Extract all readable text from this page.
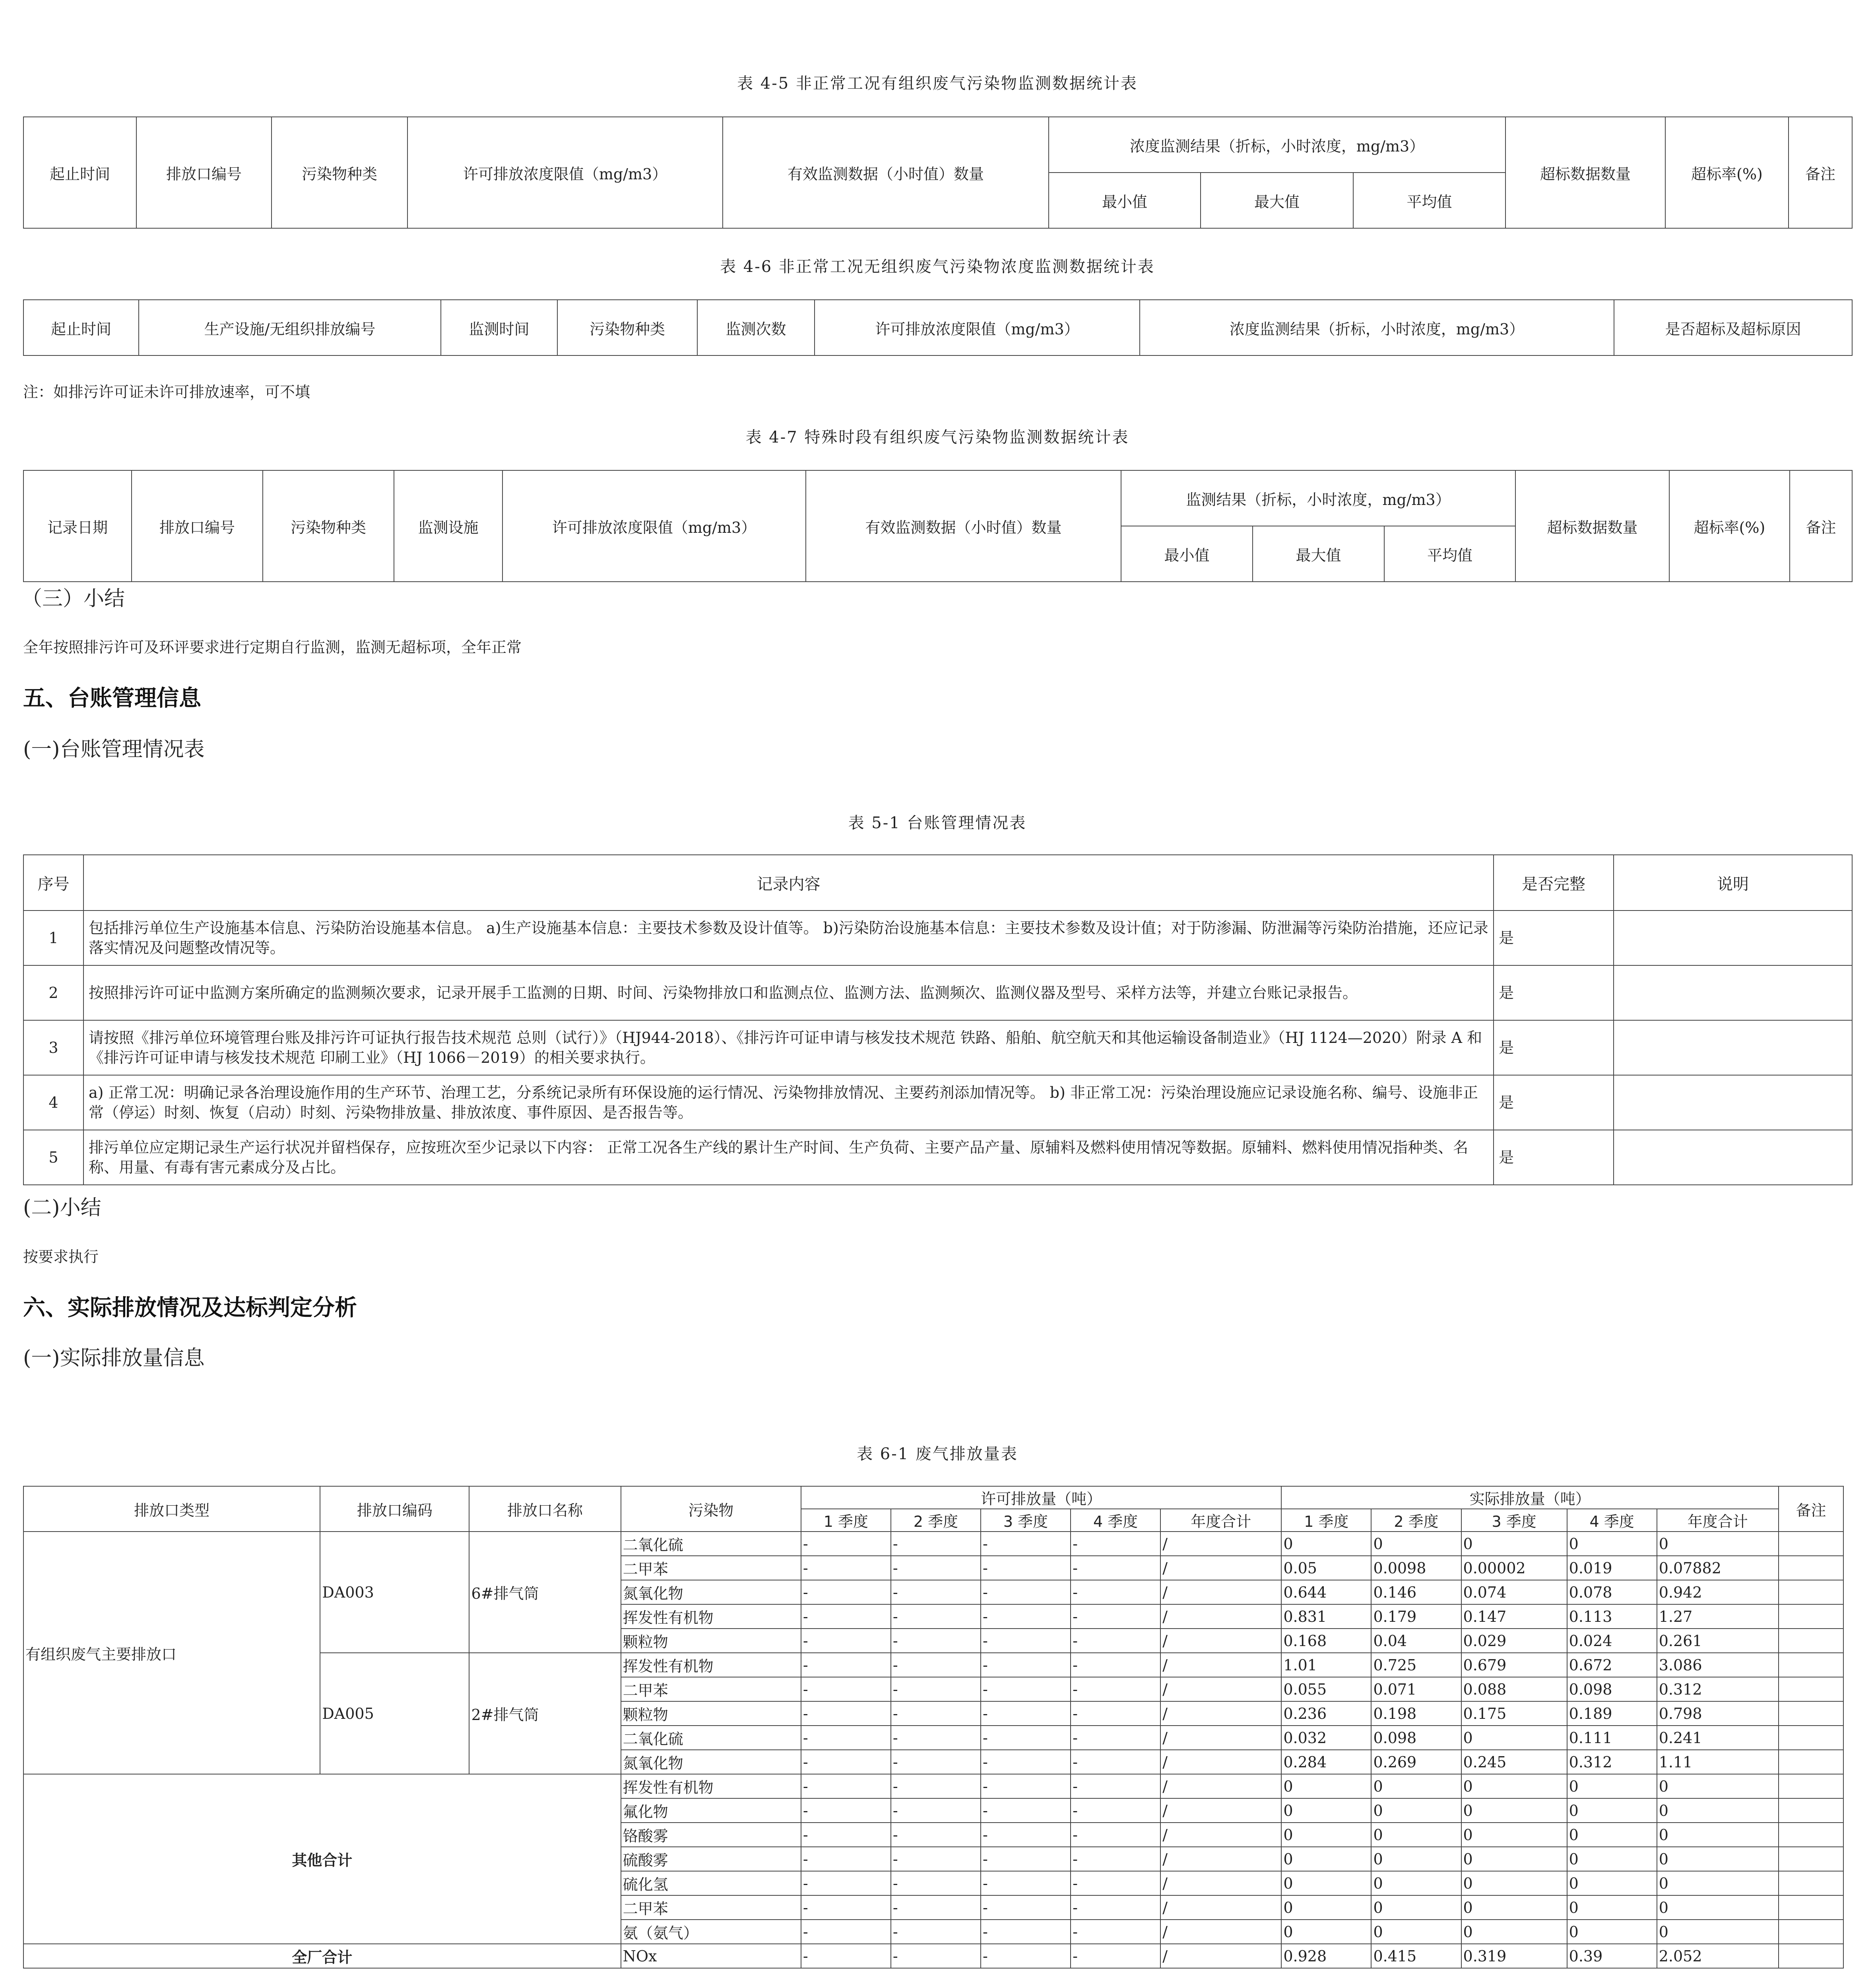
表 4-5 非正常工况有组织废气污染物监测数据统计表
起止时间	排放口编号	污染物种类	许可排放浓度限值（mg/m3）	有效监测数据（小时值）数量	浓度监测结果（折标，小时浓度，mg/m3）			超标数据数量	超标率(%)	备注
					最小值	最大值	平均值			
表 4-6 非正常工况无组织废气污染物浓度监测数据统计表
起止时间	生产设施/无组织排放编号	监测时间	污染物种类	监测次数	许可排放浓度限值（mg/m3）	浓度监测结果（折标，小时浓度，mg/m3）	是否超标及超标原因
注：如排污许可证未许可排放速率，可不填
表 4-7 特殊时段有组织废气污染物监测数据统计表
记录日期	排放口编号	污染物种类	监测设施	许可排放浓度限值（mg/m3）	有效监测数据（小时值）数量	监测结果（折标，小时浓度，mg/m3）			超标数据数量	超标率(%)	备注
						最小值	最大值	平均值			
（三）小结
全年按照排污许可及环评要求进行定期自行监测，监测无超标项，全年正常
五、台账管理信息
(一)台账管理情况表
表 5-1 台账管理情况表
序号	记录内容	是否完整	说明
1	包括排污单位生产设施基本信息、污染防治设施基本信息。 a)生产设施基本信息：主要技术参数及设计值等。 b)污染防治设施基本信息：主要技术参数及设计值；对于防渗漏、防泄漏等污染防治措施，还应记录落实情况及问题整改情况等。	是	
2	按照排污许可证中监测方案所确定的监测频次要求，记录开展手工监测的日期、时间、污染物排放口和监测点位、监测方法、监测频次、监测仪器及型号、采样方法等，并建立台账记录报告。	是	
3	请按照《排污单位环境管理台账及排污许可证执行报告技术规范 总则（试行）》（HJ944-2018）、《排污许可证申请与核发技术规范 铁路、船舶、航空航天和其他运输设备制造业》（HJ 1124—2020）附录 A 和《排污许可证申请与核发技术规范 印刷工业》（HJ 1066－2019）的相关要求执行。	是	
4	a) 正常工况：明确记录各治理设施作用的生产环节、治理工艺，分系统记录所有环保设施的运行情况、污染物排放情况、主要药剂添加情况等。 b) 非正常工况：污染治理设施应记录设施名称、编号、设施非正常（停运）时刻、恢复（启动）时刻、污染物排放量、排放浓度、事件原因、是否报告等。	是	
5	排污单位应定期记录生产运行状况并留档保存，应按班次至少记录以下内容： 正常工况各生产线的累计生产时间、生产负荷、主要产品产量、原辅料及燃料使用情况等数据。原辅料、燃料使用情况指种类、名称、用量、有毒有害元素成分及占比。	是	
(二)小结
按要求执行
六、实际排放情况及达标判定分析
(一)实际排放量信息
表 6-1 废气排放量表
排放口类型	排放口编码	排放口名称	污染物	许可排放量（吨）					实际排放量（吨）					备注
				1 季度	2 季度	3 季度	4 季度	年度合计	1 季度	2 季度	3 季度	4 季度	年度合计	
有组织废气主要排放口	DA003	6#排气筒	二氧化硫	-	-	-	-	/	0	0	0	0	0	
			二甲苯	-	-	-	-	/	0.05	0.0098	0.00002	0.019	0.07882	
			氮氧化物	-	-	-	-	/	0.644	0.146	0.074	0.078	0.942	
			挥发性有机物	-	-	-	-	/	0.831	0.179	0.147	0.113	1.27	
			颗粒物	-	-	-	-	/	0.168	0.04	0.029	0.024	0.261	
	DA005	2#排气筒	挥发性有机物	-	-	-	-	/	1.01	0.725	0.679	0.672	3.086	
			二甲苯	-	-	-	-	/	0.055	0.071	0.088	0.098	0.312	
			颗粒物	-	-	-	-	/	0.236	0.198	0.175	0.189	0.798	
			二氧化硫	-	-	-	-	/	0.032	0.098	0	0.111	0.241	
			氮氧化物	-	-	-	-	/	0.284	0.269	0.245	0.312	1.11	
其他合计			挥发性有机物	-	-	-	-	/	0	0	0	0	0	
			氟化物	-	-	-	-	/	0	0	0	0	0	
			铬酸雾	-	-	-	-	/	0	0	0	0	0	
			硫酸雾	-	-	-	-	/	0	0	0	0	0	
			硫化氢	-	-	-	-	/	0	0	0	0	0	
			二甲苯	-	-	-	-	/	0	0	0	0	0	
			氨（氨气）	-	-	-	-	/	0	0	0	0	0	
全厂合计			NOx	-	-	-	-	/	0.928	0.415	0.319	0.39	2.052	
